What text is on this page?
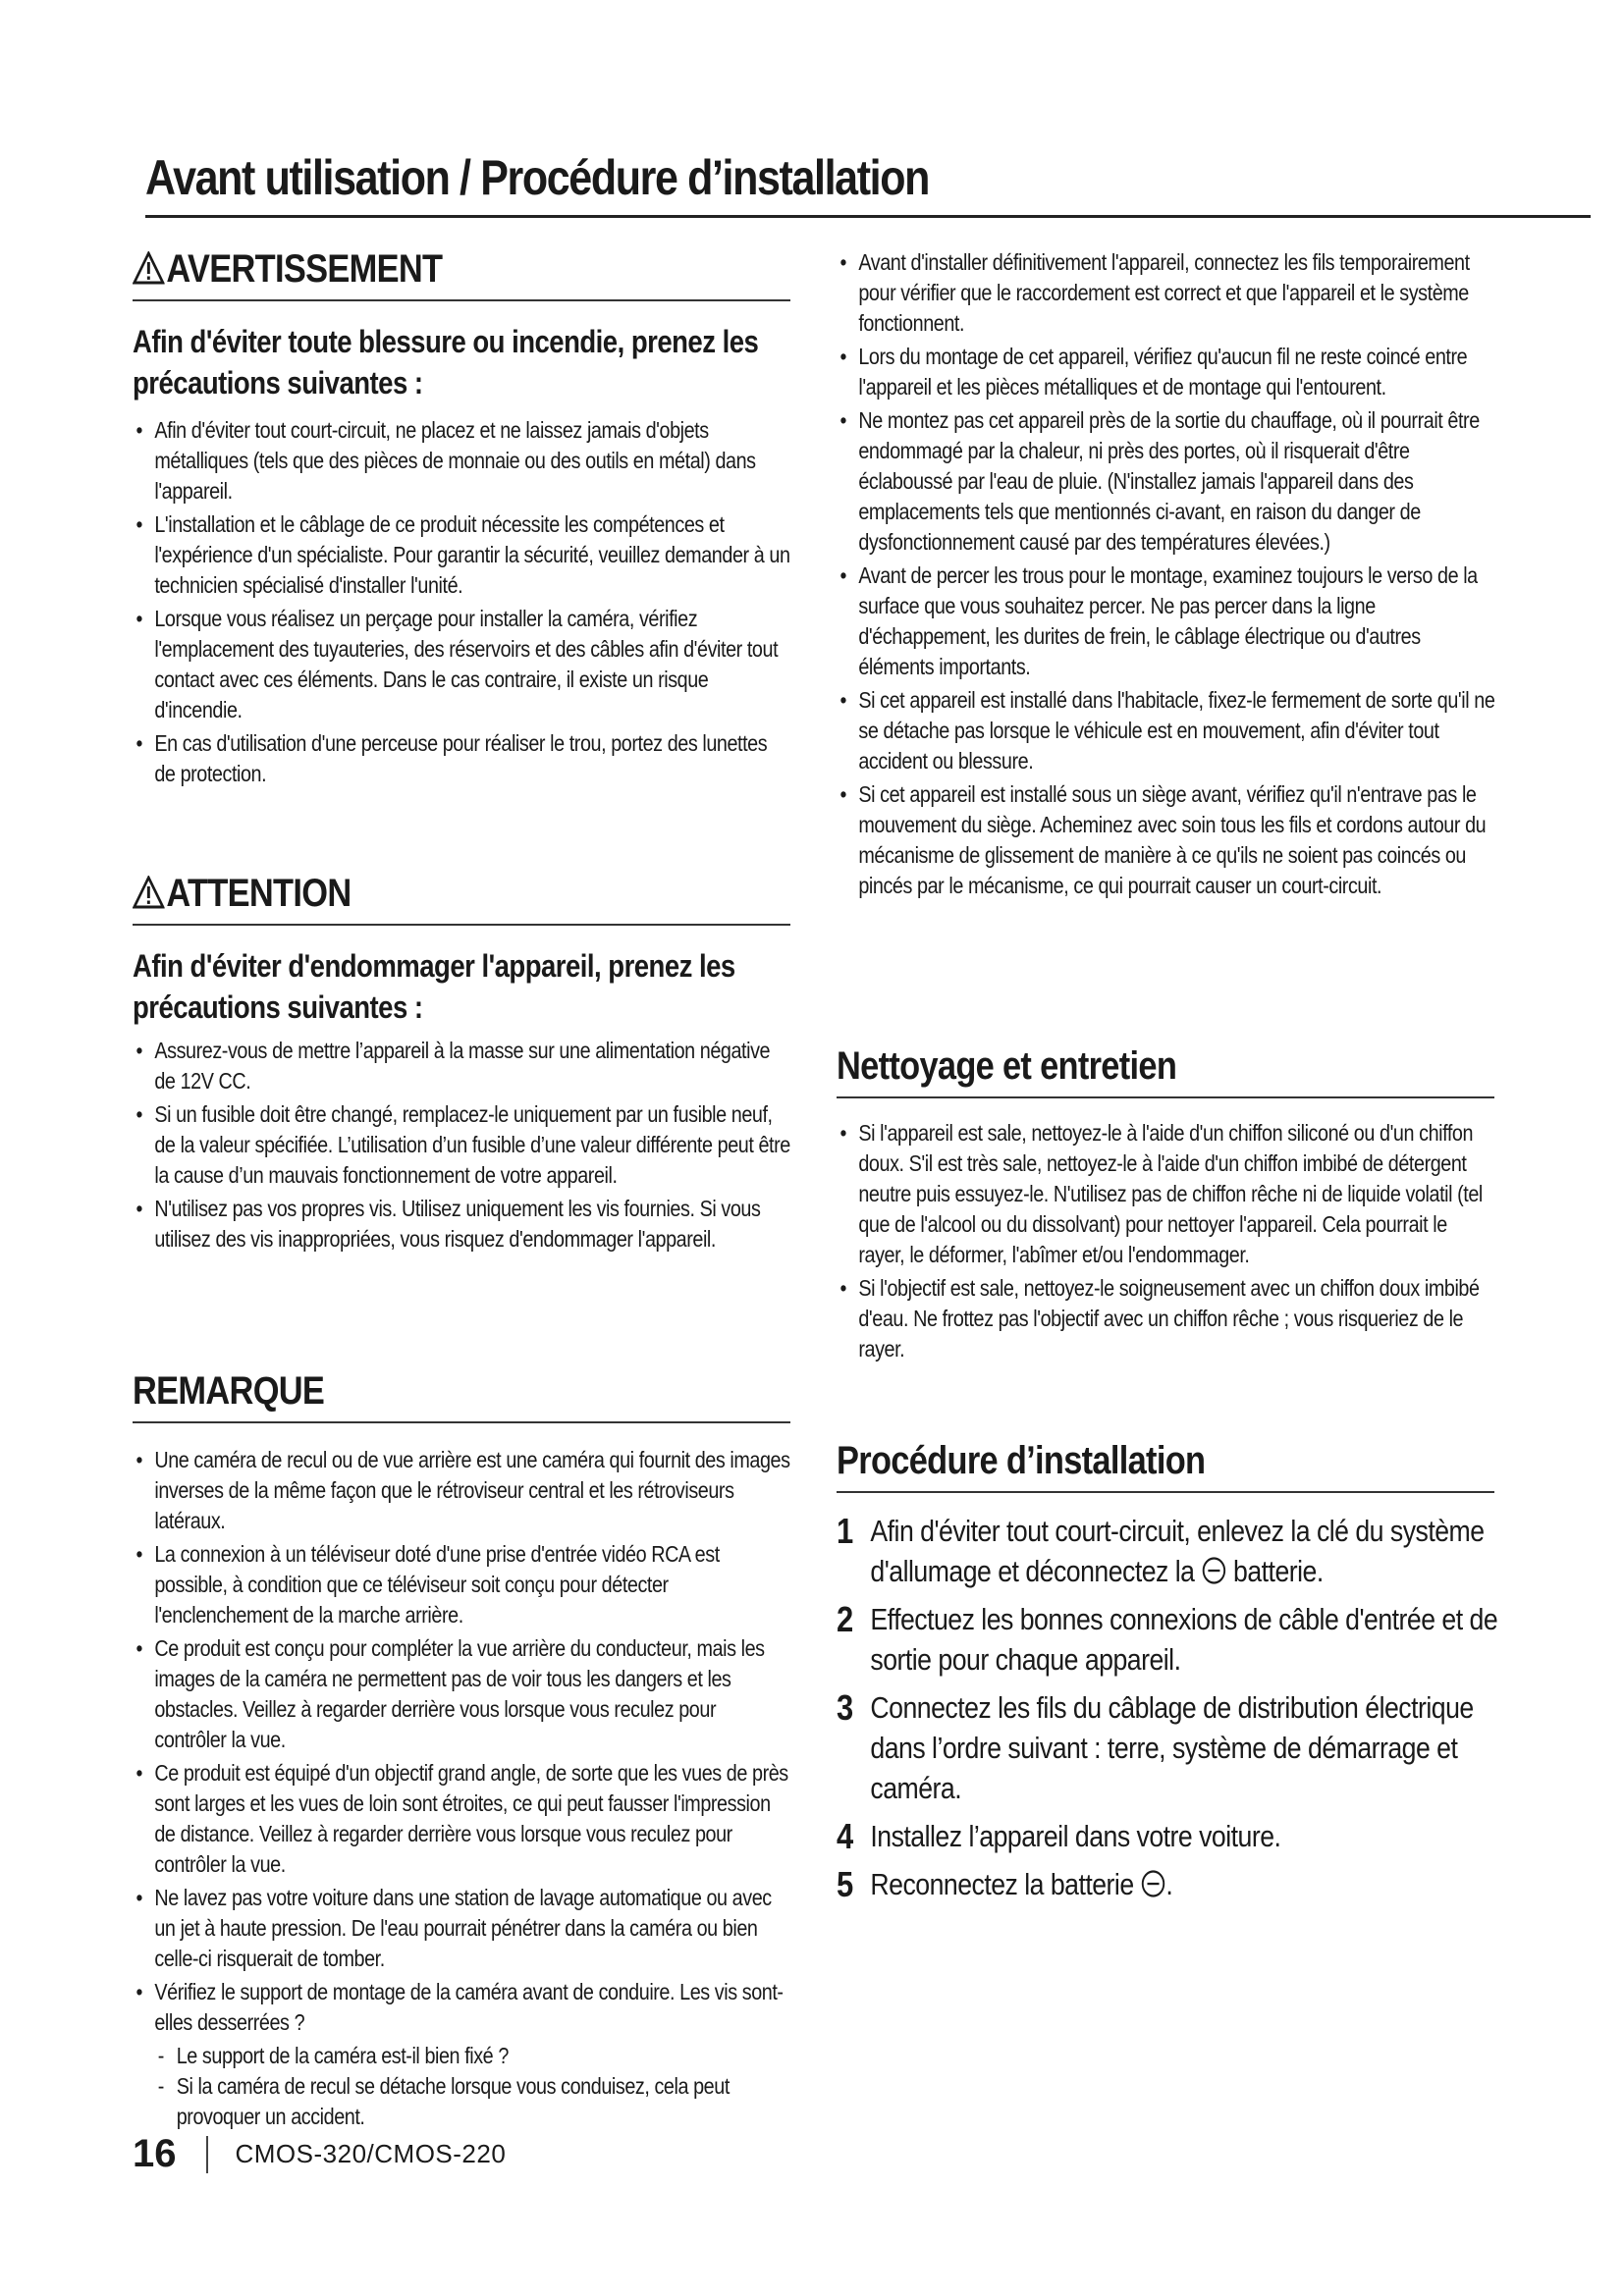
Avant utilisation / Procédure d’installation
AVERTISSEMENT

Afin d'éviter toute blessure ou incendie, prenez les précautions suivantes :

• Afin d'éviter tout court-circuit, ne placez et ne laissez jamais d'objets métalliques (tels que des pièces de monnaie ou des outils en métal) dans l'appareil.
• L'installation et le câblage de ce produit nécessite les compétences et l'expérience d'un spécialiste. Pour garantir la sécurité, veuillez demander à un technicien spécialisé d'installer l'unité.
• Lorsque vous réalisez un perçage pour installer la caméra, vérifiez l'emplacement des tuyauteries, des réservoirs et des câbles afin d'éviter tout contact avec ces éléments. Dans le cas contraire, il existe un risque d'incendie.
• En cas d'utilisation d'une perceuse pour réaliser le trou, portez des lunettes de protection.
ATTENTION

Afin d'éviter d'endommager l'appareil, prenez les précautions suivantes :

• Assurez-vous de mettre l’appareil à la masse sur une alimentation négative de 12V CC.
• Si un fusible doit être changé, remplacez-le uniquement par un fusible neuf, de la valeur spécifiée. L’utilisation d’un fusible d’une valeur différente peut être la cause d’un mauvais fonctionnement de votre appareil.
• N'utilisez pas vos propres vis. Utilisez uniquement les vis fournies. Si vous utilisez des vis inappropriées, vous risquez d'endommager l'appareil.
REMARQUE
• Une caméra de recul ou de vue arrière est une caméra qui fournit des images inverses de la même façon que le rétroviseur central et les rétroviseurs latéraux.
• La connexion à un téléviseur doté d'une prise d'entrée vidéo RCA est possible, à condition que ce téléviseur soit conçu pour détecter l'enclenchement de la marche arrière.
• Ce produit est conçu pour compléter la vue arrière du conducteur, mais les images de la caméra ne permettent pas de voir tous les dangers et les obstacles. Veillez à regarder derrière vous lorsque vous reculez pour contrôler la vue.
• Ce produit est équipé d'un objectif grand angle, de sorte que les vues de près sont larges et les vues de loin sont étroites, ce qui peut fausser l'impression de distance. Veillez à regarder derrière vous lorsque vous reculez pour contrôler la vue.
• Ne lavez pas votre voiture dans une station de lavage automatique ou avec un jet à haute pression. De l'eau pourrait pénétrer dans la caméra ou bien celle-ci risquerait de tomber.
• Vérifiez le support de montage de la caméra avant de conduire. Les vis sont-elles desserrées ?
- Le support de la caméra est-il bien fixé ?
- Si la caméra de recul se détache lorsque vous conduisez, cela peut provoquer un accident.
• Avant d'installer définitivement l'appareil, connectez les fils temporairement pour vérifier que le raccordement est correct et que l'appareil et le système fonctionnent.
• Lors du montage de cet appareil, vérifiez qu'aucun fil ne reste coincé entre l'appareil et les pièces métalliques et de montage qui l'entourent.
• Ne montez pas cet appareil près de la sortie du chauffage, où il pourrait être endommagé par la chaleur, ni près des portes, où il risquerait d'être éclaboussé par l'eau de pluie. (N'installez jamais l'appareil dans des emplacements tels que mentionnés ci-avant, en raison du danger de dysfonctionnement causé par des températures élevées.)
• Avant de percer les trous pour le montage, examinez toujours le verso de la surface que vous souhaitez percer. Ne pas percer dans la ligne d'échappement, les durites de frein, le câblage électrique ou d'autres éléments importants.
• Si cet appareil est installé dans l'habitacle, fixez-le fermement de sorte qu'il ne se détache pas lorsque le véhicule est en mouvement, afin d'éviter tout accident ou blessure.
• Si cet appareil est installé sous un siège avant, vérifiez qu'il n'entrave pas le mouvement du siège. Acheminez avec soin tous les fils et cordons autour du mécanisme de glissement de manière à ce qu'ils ne soient pas coincés ou pincés par le mécanisme, ce qui pourrait causer un court-circuit.
Nettoyage et entretien
• Si l'appareil est sale, nettoyez-le à l'aide d'un chiffon siliconé ou d'un chiffon doux. S'il est très sale, nettoyez-le à l'aide d'un chiffon imbibé de détergent neutre puis essuyez-le. N'utilisez pas de chiffon rêche ni de liquide volatil (tel que de l'alcool ou du dissolvant) pour nettoyer l'appareil. Cela pourrait le rayer, le déformer, l'abîmer et/ou l'endommager.
• Si l'objectif est sale, nettoyez-le soigneusement avec un chiffon doux imbibé d'eau. Ne frottez pas l'objectif avec un chiffon rêche ; vous risqueriez de le rayer.
Procédure d’installation
1 Afin d'éviter tout court-circuit, enlevez la clé du système d'allumage et déconnectez la  batterie.
2 Effectuez les bonnes connexions de câble d'entrée et de sortie pour chaque appareil.
3 Connectez les fils du câblage de distribution électrique dans l’ordre suivant : terre, système de démarrage et caméra.
4 Installez l’appareil dans votre voiture.
5 Reconnectez la batterie .
16 CMOS-320/CMOS-220
